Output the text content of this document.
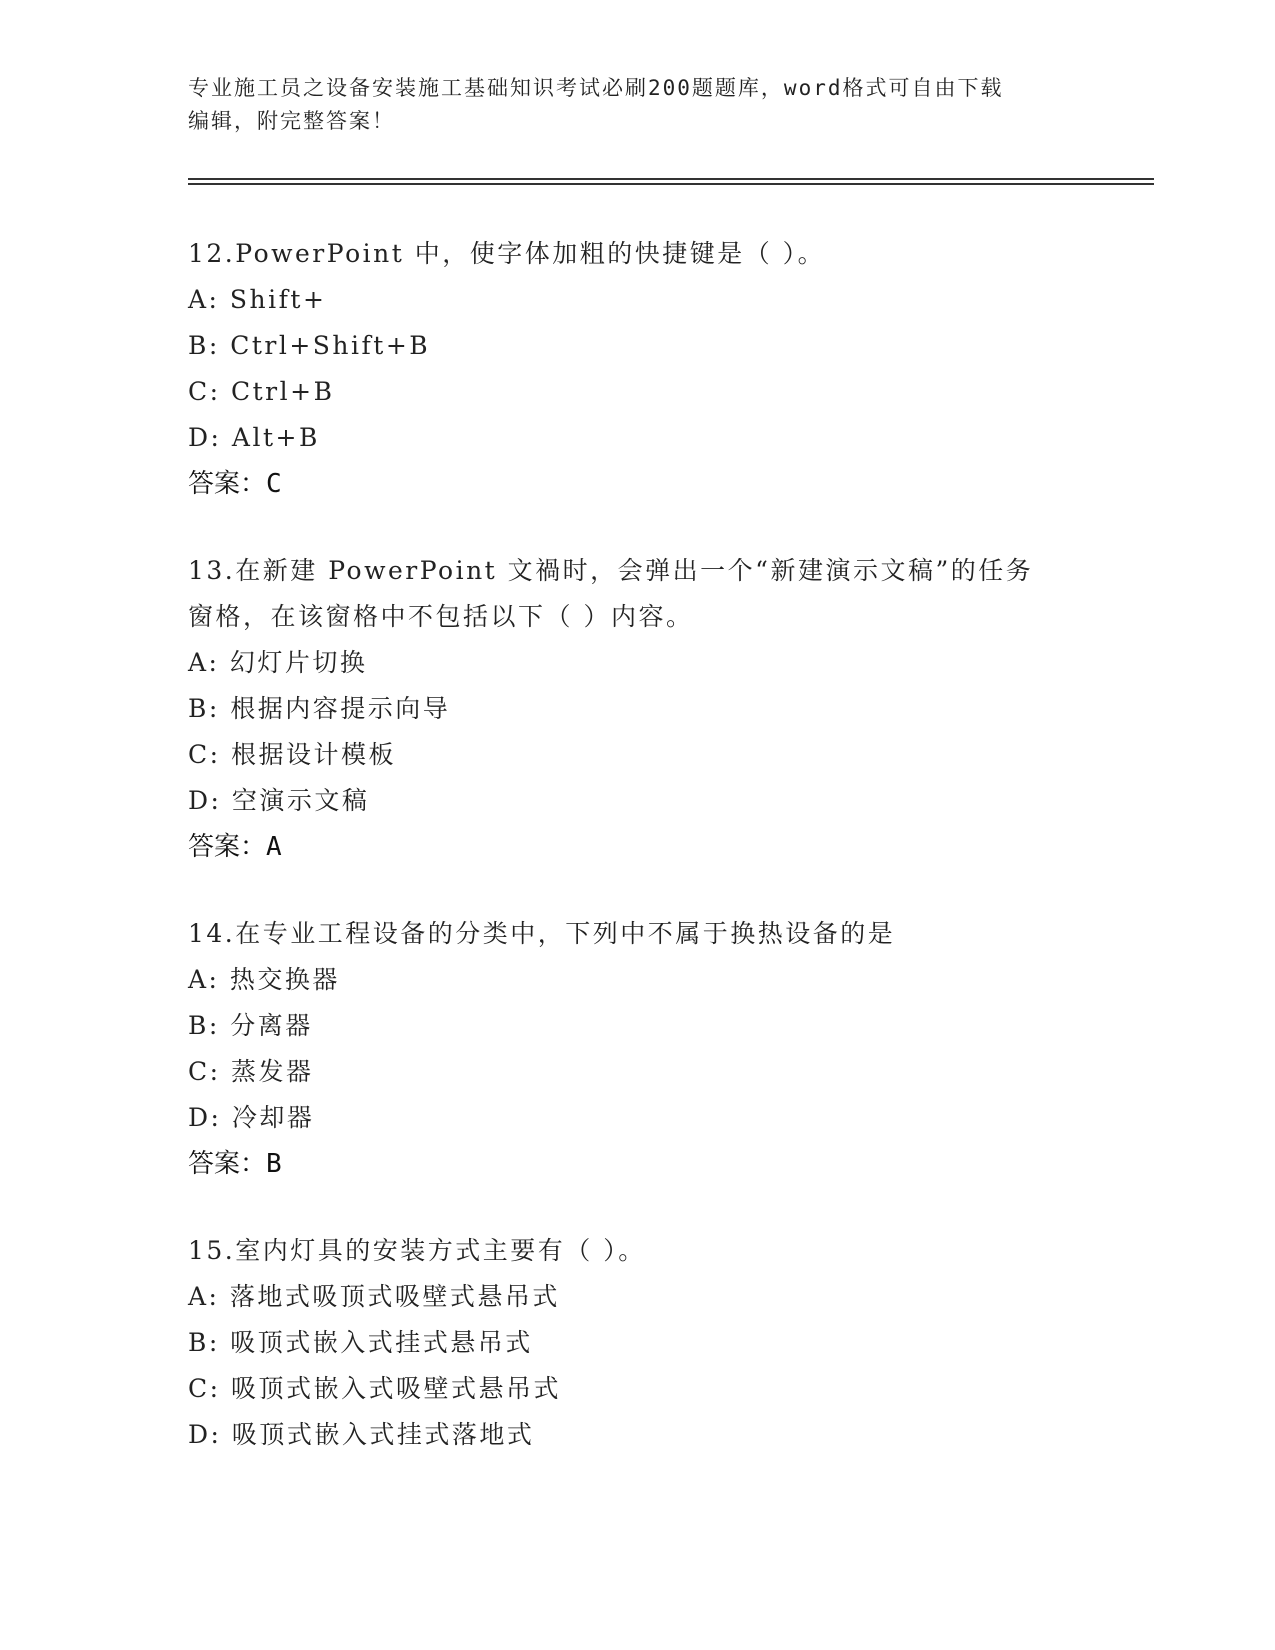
专业施工员之设备安装施工基础知识考试必刷200题题库，word格式可自由下载
编辑，附完整答案！
12.PowerPoint 中，使字体加粗的快捷键是（ ）。
A: Shift+
B: Ctrl+Shift+B
C: Ctrl+B
D: Alt+B
答案：C
13.在新建 PowerPoint 文禍时，会弹出一个“新建演示文稿”的任务
窗格，在该窗格中不包括以下（ ）内容。
A: 幻灯片切换
B: 根据内容提示向导
C: 根据设计模板
D: 空演示文稿
答案：A
14.在专业工程设备的分类中，下列中不属于换热设备的是
A: 热交换器
B: 分离器
C: 蒸发器
D: 冷却器
答案：B
15.室内灯具的安装方式主要有（ ）。
A: 落地式吸顶式吸壁式悬吊式
B: 吸顶式嵌入式挂式悬吊式
C: 吸顶式嵌入式吸壁式悬吊式
D: 吸顶式嵌入式挂式落地式
